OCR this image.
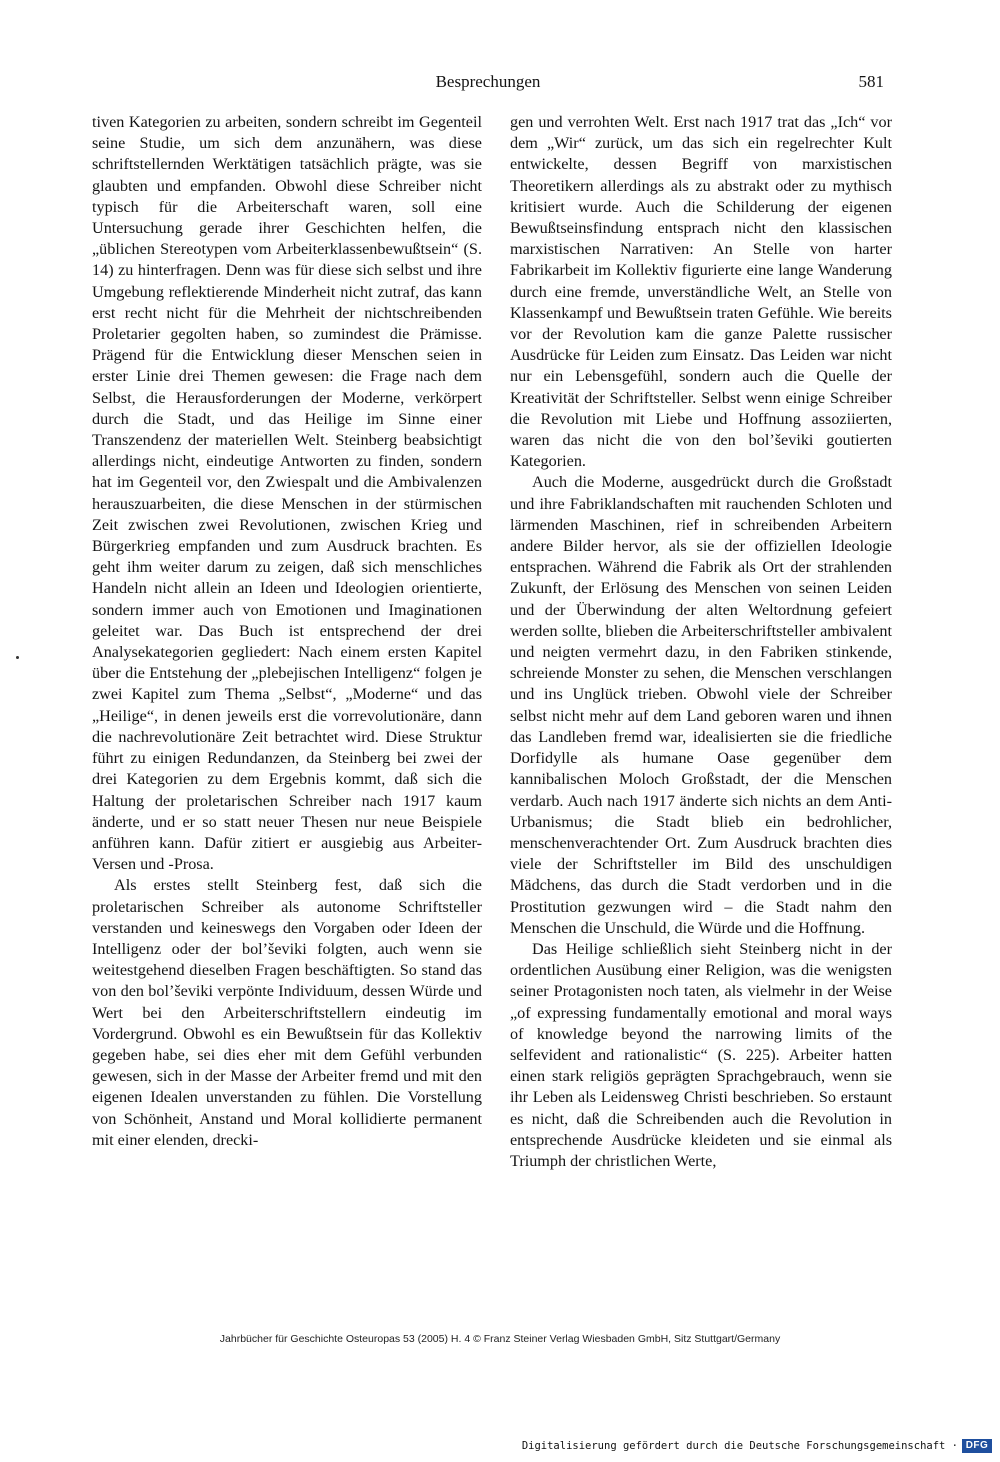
Besprechungen	581

tiven Kategorien zu arbeiten, sondern schreibt im Gegenteil seine Studie, um sich dem anzunähern, was diese schriftstellernden Werktätigen tatsächlich prägte, was sie glaubten und empfanden. Obwohl diese Schreiber nicht typisch für die Arbeiterschaft waren, soll eine Untersuchung gerade ihrer Geschichten helfen, die „üblichen Stereotypen vom Arbeiterklassenbewußtsein“ (S. 14) zu hinterfragen. Denn was für diese sich selbst und ihre Umgebung reflektierende Minderheit nicht zutraf, das kann erst recht nicht für die Mehrheit der nichtschreibenden Proletarier gegolten haben, so zumindest die Prämisse. Prägend für die Entwicklung dieser Menschen seien in erster Linie drei Themen gewesen: die Frage nach dem Selbst, die Herausforderungen der Moderne, verkörpert durch die Stadt, und das Heilige im Sinne einer Transzendenz der materiellen Welt. Steinberg beabsichtigt allerdings nicht, eindeutige Antworten zu finden, sondern hat im Gegenteil vor, den Zwiespalt und die Ambivalenzen herauszuarbeiten, die diese Menschen in der stürmischen Zeit zwischen zwei Revolutionen, zwischen Krieg und Bürgerkrieg empfanden und zum Ausdruck brachten. Es geht ihm weiter darum zu zeigen, daß sich menschliches Handeln nicht allein an Ideen und Ideologien orientierte, sondern immer auch von Emotionen und Imaginationen geleitet war. Das Buch ist entsprechend der drei Analysekategorien gegliedert: Nach einem ersten Kapitel über die Entstehung der „plebejischen Intelligenz“ folgen je zwei Kapitel zum Thema „Selbst“, „Moderne“ und das „Heilige“, in denen jeweils erst die vorrevolutionäre, dann die nachrevolutionäre Zeit betrachtet wird. Diese Struktur führt zu einigen Redundanzen, da Steinberg bei zwei der drei Kategorien zu dem Ergebnis kommt, daß sich die Haltung der proletarischen Schreiber nach 1917 kaum änderte, und er so statt neuer Thesen nur neue Beispiele anführen kann. Dafür zitiert er ausgiebig aus Arbeiter-Versen und -Prosa.

Als erstes stellt Steinberg fest, daß sich die proletarischen Schreiber als autonome Schriftsteller verstanden und keineswegs den Vorgaben oder Ideen der Intelligenz oder der bol’ševiki folgten, auch wenn sie weitestgehend dieselben Fragen beschäftigten. So stand das von den bol’ševiki verpönte Individuum, dessen Würde und Wert bei den Arbeiterschriftstellern eindeutig im Vordergrund. Obwohl es ein Bewußtsein für das Kollektiv gegeben habe, sei dies eher mit dem Gefühl verbunden gewesen, sich in der Masse der Arbeiter fremd und mit den eigenen Idealen unverstanden zu fühlen. Die Vorstellung von Schönheit, Anstand und Moral kollidierte permanent mit einer elenden, drecki-

gen und verrohten Welt. Erst nach 1917 trat das „Ich“ vor dem „Wir“ zurück, um das sich ein regelrechter Kult entwickelte, dessen Begriff von marxistischen Theoretikern allerdings als zu abstrakt oder zu mythisch kritisiert wurde. Auch die Schilderung der eigenen Bewußtseinsfindung entsprach nicht den klassischen marxistischen Narrativen: An Stelle von harter Fabrikarbeit im Kollektiv figurierte eine lange Wanderung durch eine fremde, unverständliche Welt, an Stelle von Klassenkampf und Bewußtsein traten Gefühle. Wie bereits vor der Revolution kam die ganze Palette russischer Ausdrücke für Leiden zum Einsatz. Das Leiden war nicht nur ein Lebensgefühl, sondern auch die Quelle der Kreativität der Schriftsteller. Selbst wenn einige Schreiber die Revolution mit Liebe und Hoffnung assoziierten, waren das nicht die von den bol’ševiki goutierten Kategorien.

Auch die Moderne, ausgedrückt durch die Großstadt und ihre Fabriklandschaften mit rauchenden Schloten und lärmenden Maschinen, rief in schreibenden Arbeitern andere Bilder hervor, als sie der offiziellen Ideologie entsprachen. Während die Fabrik als Ort der strahlenden Zukunft, der Erlösung des Menschen von seinen Leiden und der Überwindung der alten Weltordnung gefeiert werden sollte, blieben die Arbeiterschriftsteller ambivalent und neigten vermehrt dazu, in den Fabriken stinkende, schreiende Monster zu sehen, die Menschen verschlangen und ins Unglück trieben. Obwohl viele der Schreiber selbst nicht mehr auf dem Land geboren waren und ihnen das Landleben fremd war, idealisierten sie die friedliche Dorfidylle als humane Oase gegenüber dem kannibalischen Moloch Großstadt, der die Menschen verdarb. Auch nach 1917 änderte sich nichts an dem Anti-Urbanismus; die Stadt blieb ein bedrohlicher, menschenverachtender Ort. Zum Ausdruck brachten dies viele der Schriftsteller im Bild des unschuldigen Mädchens, das durch die Stadt verdorben und in die Prostitution gezwungen wird – die Stadt nahm den Menschen die Unschuld, die Würde und die Hoffnung.

Das Heilige schließlich sieht Steinberg nicht in der ordentlichen Ausübung einer Religion, was die wenigsten seiner Protagonisten noch taten, als vielmehr in der Weise „of expressing fundamentally emotional and moral ways of knowledge beyond the narrowing limits of the selfevident and rationalistic“ (S. 225). Arbeiter hatten einen stark religiös geprägten Sprachgebrauch, wenn sie ihr Leben als Leidensweg Christi beschrieben. So erstaunt es nicht, daß die Schreibenden auch die Revolution in entsprechende Ausdrücke kleideten und sie einmal als Triumph der christlichen Werte,

Jahrbücher für Geschichte Osteuropas 53 (2005) H. 4 © Franz Steiner Verlag Wiesbaden GmbH, Sitz Stuttgart/Germany
Digitalisierung gefördert durch die Deutsche Forschungsgemeinschaft · DFG
